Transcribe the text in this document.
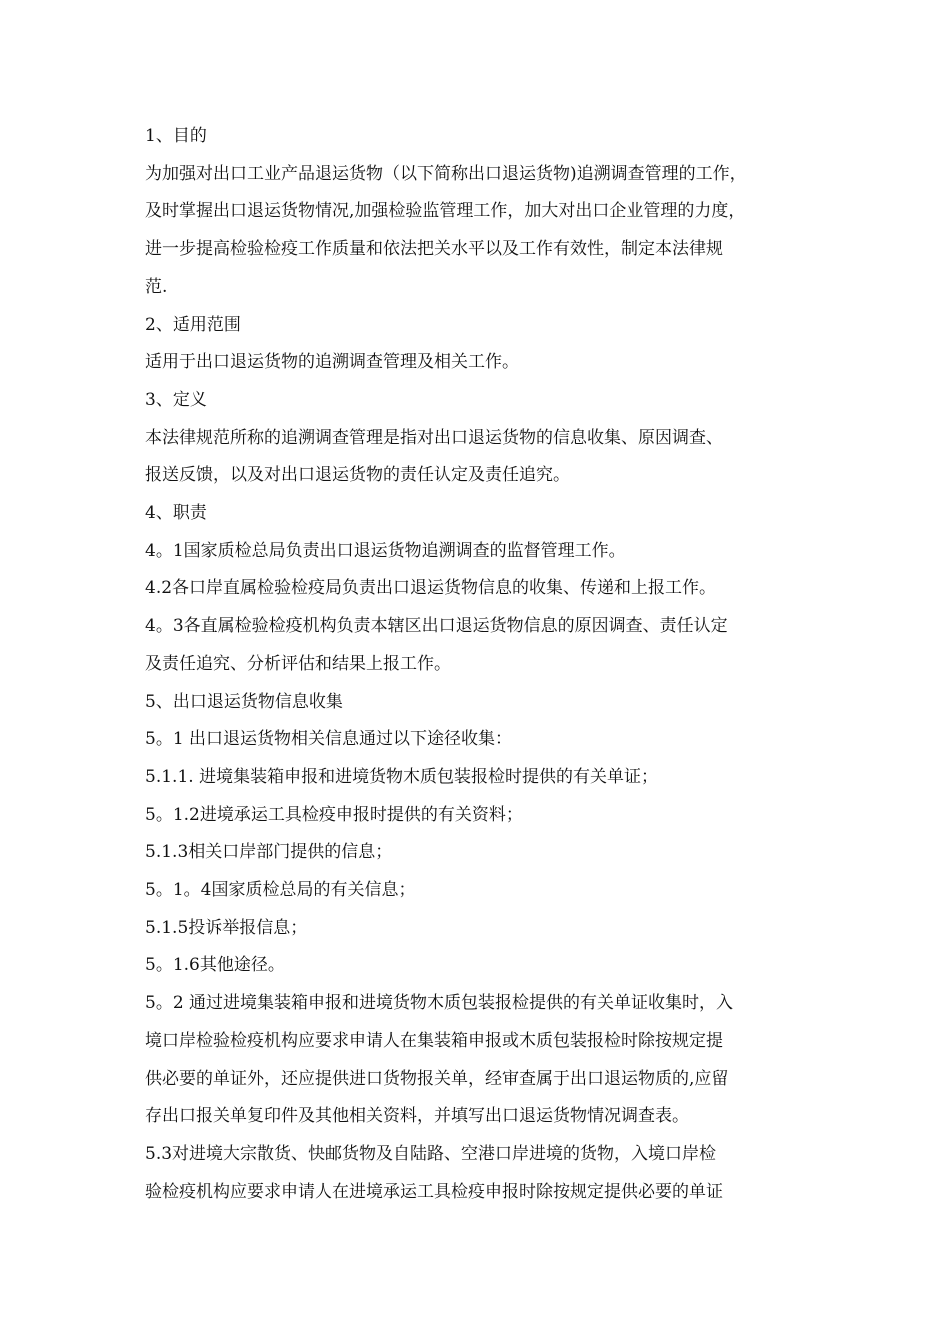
1、目的

为加强对出口工业产品退运货物（以下简称出口退运货物)追溯调查管理的工作，

及时掌握出口退运货物情况,加强检验监管理工作，加大对出口企业管理的力度，

进一步提高检验检疫工作质量和依法把关水平以及工作有效性，制定本法律规

范.

2、适用范围

适用于出口退运货物的追溯调查管理及相关工作。

3、定义

本法律规范所称的追溯调查管理是指对出口退运货物的信息收集、原因调查、

报送反馈，以及对出口退运货物的责任认定及责任追究。

4、职责

4。1国家质检总局负责出口退运货物追溯调查的监督管理工作。

4.2各口岸直属检验检疫局负责出口退运货物信息的收集、传递和上报工作。

4。3各直属检验检疫机构负责本辖区出口退运货物信息的原因调查、责任认定

及责任追究、分析评估和结果上报工作。

5、出口退运货物信息收集

5。1 出口退运货物相关信息通过以下途径收集：

5.1.1. 进境集装箱申报和进境货物木质包装报检时提供的有关单证；

5。1.2进境承运工具检疫申报时提供的有关资料；

5.1.3相关口岸部门提供的信息；

5。1。4国家质检总局的有关信息；

5.1.5投诉举报信息；

5。1.6其他途径。

5。2 通过进境集装箱申报和进境货物木质包装报检提供的有关单证收集时，入

境口岸检验检疫机构应要求申请人在集装箱申报或木质包装报检时除按规定提

供必要的单证外，还应提供进口货物报关单，经审查属于出口退运物质的,应留

存出口报关单复印件及其他相关资料，并填写出口退运货物情况调查表。

5.3对进境大宗散货、快邮货物及自陆路、空港口岸进境的货物，入境口岸检

验检疫机构应要求申请人在进境承运工具检疫申报时除按规定提供必要的单证
